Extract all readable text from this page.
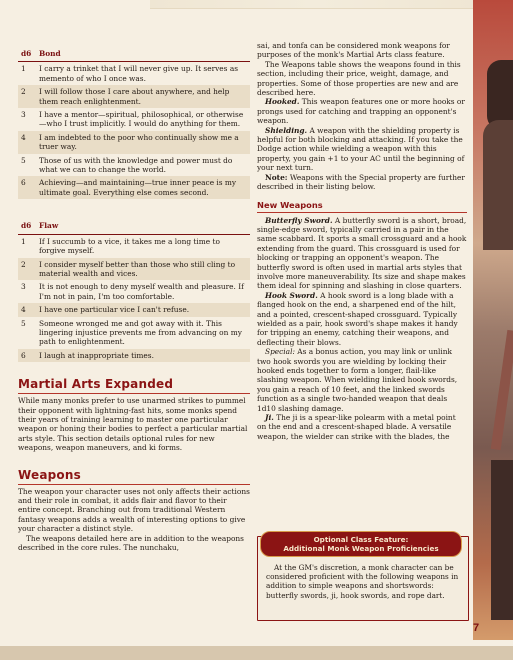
d6	Bond
1	I carry a trinket that I will never give up. It serves as memento of who I once was.
2	I will follow those I care about anywhere, and help them reach enlightenment.
3	I have a mentor—spiritual, philosophical, or otherwise—who I trust implicitly. I would do anything for them.
4	I am indebted to the poor who continually show me a truer way.
5	Those of us with the knowledge and power must do what we can to change the world.
6	Achieving—and maintaining—true inner peace is my ultimate goal. Everything else comes second.
d6	Flaw
1	If I succumb to a vice, it takes me a long time to forgive myself.
2	I consider myself better than those who still cling to material wealth and vices.
3	It is not enough to deny myself wealth and pleasure. If I'm not in pain, I'm too comfortable.
4	I have one particular vice I can't refuse.
5	Someone wronged me and got away with it. This lingering injustice prevents me from advancing on my path to enlightenment.
6	I laugh at inappropriate times.
Martial Arts Expanded

While many monks prefer to use unarmed strikes to pummel their opponent with lightning-fast hits, some monks spend their years of training learning to master one particular weapon or honing their bodies to perfect a particular martial arts style. This section details optional rules for new weapons, weapon maneuvers, and ki forms.

Weapons

The weapon your character uses not only affects their actions and their role in combat, it adds flair and flavor to their entire concept. Branching out from traditional Western fantasy weapons adds a wealth of interesting options to give your character a distinct style.

The weapons detailed here are in addition to the weapons described in the core rules. The nunchaku,

sai, and tonfa can be considered monk weapons for purposes of the monk's Martial Arts class feature.

The Weapons table shows the weapons found in this section, including their price, weight, damage, and properties. Some of those properties are new and are described here.

Hooked. This weapon features one or more hooks or prongs used for catching and trapping an opponent's weapon.

Shielding. A weapon with the shielding property is helpful for both blocking and attacking. If you take the Dodge action while wielding a weapon with this property, you gain +1 to your AC until the beginning of your next turn.

Note: Weapons with the Special property are further described in their listing below.

New Weapons

Butterfly Sword. A butterfly sword is a short, broad, single-edge sword, typically carried in a pair in the same scabbard. It sports a small crossguard and a hook extending from the guard. This crossguard is used for blocking or trapping an opponent's weapon. The butterfly sword is often used in martial arts styles that involve more maneuverability. Its size and shape makes them ideal for spinning and slashing in close quarters.

Hook Sword. A hook sword is a long blade with a flanged hook on the end, a sharpened end of the hilt, and a pointed, crescent-shaped crossguard. Typically wielded as a pair, hook sword's shape makes it handy for tripping an enemy, catching their weapons, and deflecting their blows.

Special: As a bonus action, you may link or unlink two hook swords you are wielding by locking their hooked ends together to form a longer, flail-like slashing weapon. When wielding linked hook swords, you gain a reach of 10 feet, and the linked swords function as a single two-handed weapon that deals 1d10 slashing damage.

Ji. The ji is a spear-like polearm with a metal point on the end and a crescent-shaped blade. A versatile weapon, the wielder can strike with the blades, the

Optional Class Feature:
Additional Monk Weapon Proficiencies
At the GM's discretion, a monk character can be considered proficient with the following weapons in addition to simple weapons and shortswords: butterfly swords, ji, hook swords, and rope dart.
7
